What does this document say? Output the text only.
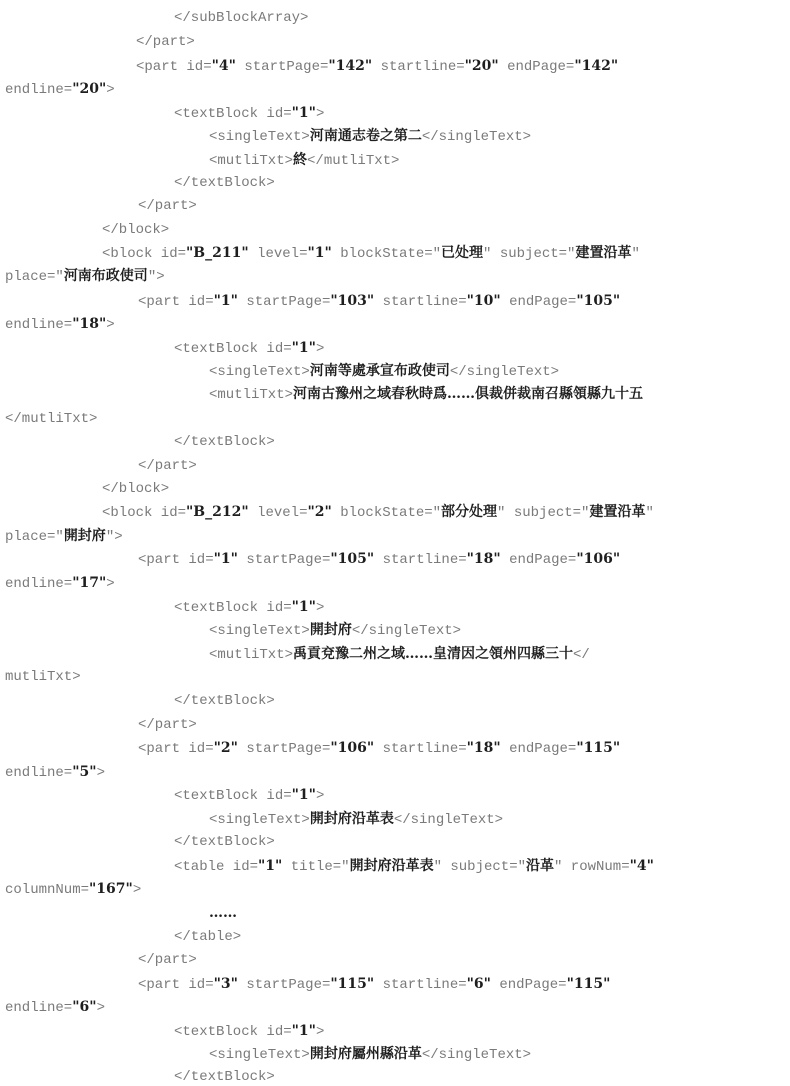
</subBlockArray>
</part>
<part id="4" startPage="142" startline="20" endPage="142"
endline="20">
<textBlock id="1">
<singleText>河南通志卷之第二</singleText>
<mutliTxt>終</mutliTxt>
</textBlock>
</part>
</block>
<block id="B_211" level="1" blockState="已处理" subject="建置沿革"
place="河南布政使司">
<part id="1" startPage="103" startline="10" endPage="105"
endline="18">
<textBlock id="1">
<singleText>河南等處承宣布政使司</singleText>
<mutliTxt>河南古豫州之域春秋時爲……俱裁併裁南召縣領縣九十五
</mutliTxt>
</textBlock>
</part>
</block>
<block id="B_212" level="2" blockState="部分处理" subject="建置沿革"
place="開封府">
<part id="1" startPage="105" startline="18" endPage="106"
endline="17">
<textBlock id="1">
<singleText>開封府</singleText>
<mutliTxt>禹貢兗豫二州之域……皇清因之領州四縣三十</
mutliTxt>
</textBlock>
</part>
<part id="2" startPage="106" startline="18" endPage="115"
endline="5">
<textBlock id="1">
<singleText>開封府沿革表</singleText>
</textBlock>
<table id="1" title="開封府沿革表" subject="沿革" rowNum="4"
columnNum="167">
……
</table>
</part>
<part id="3" startPage="115" startline="6" endPage="115"
endline="6">
<textBlock id="1">
<singleText>開封府屬州縣沿革</singleText>
</textBlock>
